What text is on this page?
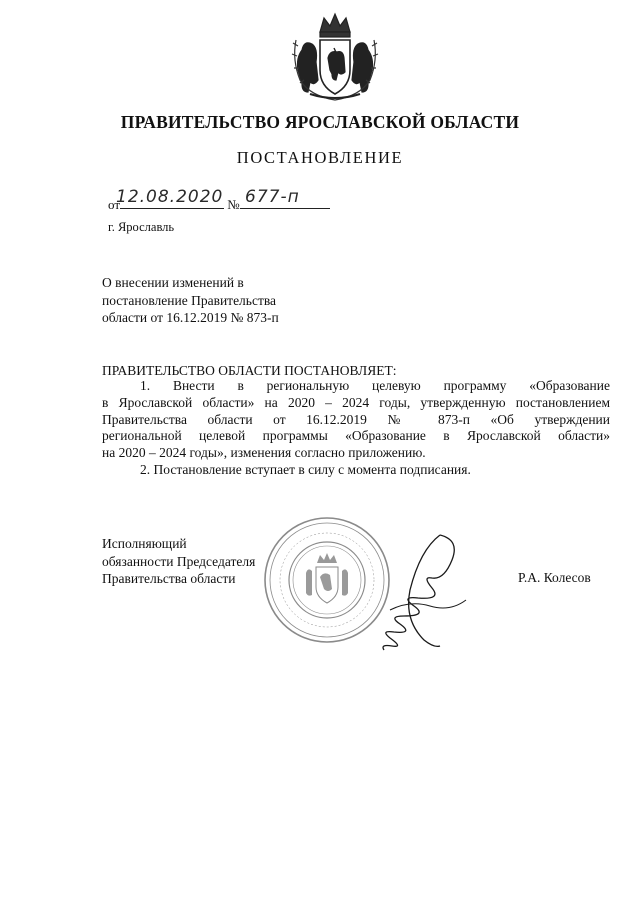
ПРАВИТЕЛЬСТВО ЯРОСЛАВСКОЙ ОБЛАСТИ
ПОСТАНОВЛЕНИЕ
от	№
12.08.2020 677-п
г. Ярославль
О внесении изменений в
постановление Правительства
области от 16.12.2019 № 873-п
ПРАВИТЕЛЬСТВО ОБЛАСТИ ПОСТАНОВЛЯЕТ:
1. Внести в региональную целевую программу «Образование
в Ярославской области» на 2020 – 2024 годы, утвержденную постановлением
Правительства области от 16.12.2019 № 873-п «Об утверждении
региональной целевой программы «Образование в Ярославской области»
на 2020 – 2024 годы», изменения согласно приложению.
2. Постановление вступает в силу с момента подписания.
Исполняющий
обязанности Председателя
Правительства области	Р.А. Колесов
